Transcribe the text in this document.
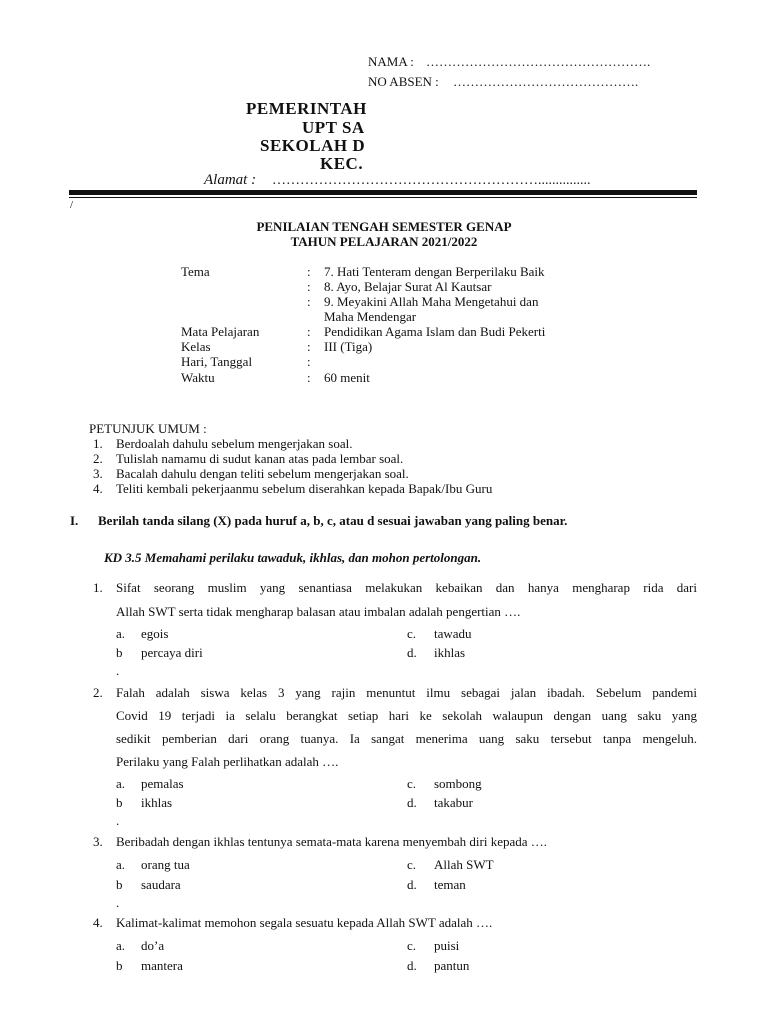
NAMA : …………………………………………….
NO ABSEN : …………………………………….
PEMERINTAH
UPT SA
SEKOLAH D
KEC.
Alamat : …………………………………………………...............
/
PENILAIAN TENGAH SEMESTER GENAP
TAHUN PELAJARAN 2021/2022
Tema	: 7. Hati Tenteram dengan Berperilaku Baik
: 8. Ayo, Belajar Surat Al Kautsar
: 9. Meyakini Allah Maha Mengetahui dan
Maha Mendengar
Mata Pelajaran	: Pendidikan Agama Islam dan Budi Pekerti
Kelas	: III (Tiga)
Hari, Tanggal	:
Waktu	: 60 menit
PETUNJUK UMUM :
1. Berdoalah dahulu sebelum mengerjakan soal.
2. Tulislah namamu di sudut kanan atas pada lembar soal.
3. Bacalah dahulu dengan teliti sebelum mengerjakan soal.
4. Teliti kembali pekerjaanmu sebelum diserahkan kepada Bapak/Ibu Guru
I. Berilah tanda silang (X) pada huruf a, b, c, atau d sesuai jawaban yang paling benar.
KD 3.5 Memahami perilaku tawaduk, ikhlas, dan mohon pertolongan.
1. Sifat seorang muslim yang senantiasa melakukan kebaikan dan hanya mengharap rida dari
Allah SWT serta tidak mengharap balasan atau imbalan adalah pengertian ….
a. egois	c. tawadu
b percaya diri	d. ikhlas
.
2. Falah adalah siswa kelas 3 yang rajin menuntut ilmu sebagai jalan ibadah. Sebelum pandemi
Covid 19 terjadi ia selalu berangkat setiap hari ke sekolah walaupun dengan uang saku yang
sedikit pemberian dari orang tuanya. Ia sangat menerima uang saku tersebut tanpa mengeluh.
Perilaku yang Falah perlihatkan adalah ….
a. pemalas	c. sombong
b ikhlas	d. takabur
.
3. Beribadah dengan ikhlas tentunya semata-mata karena menyembah diri kepada ….
a. orang tua	c. Allah SWT
b saudara	d. teman
.
4. Kalimat-kalimat memohon segala sesuatu kepada Allah SWT adalah ….
a. do’a	c. puisi
b mantera	d. pantun
